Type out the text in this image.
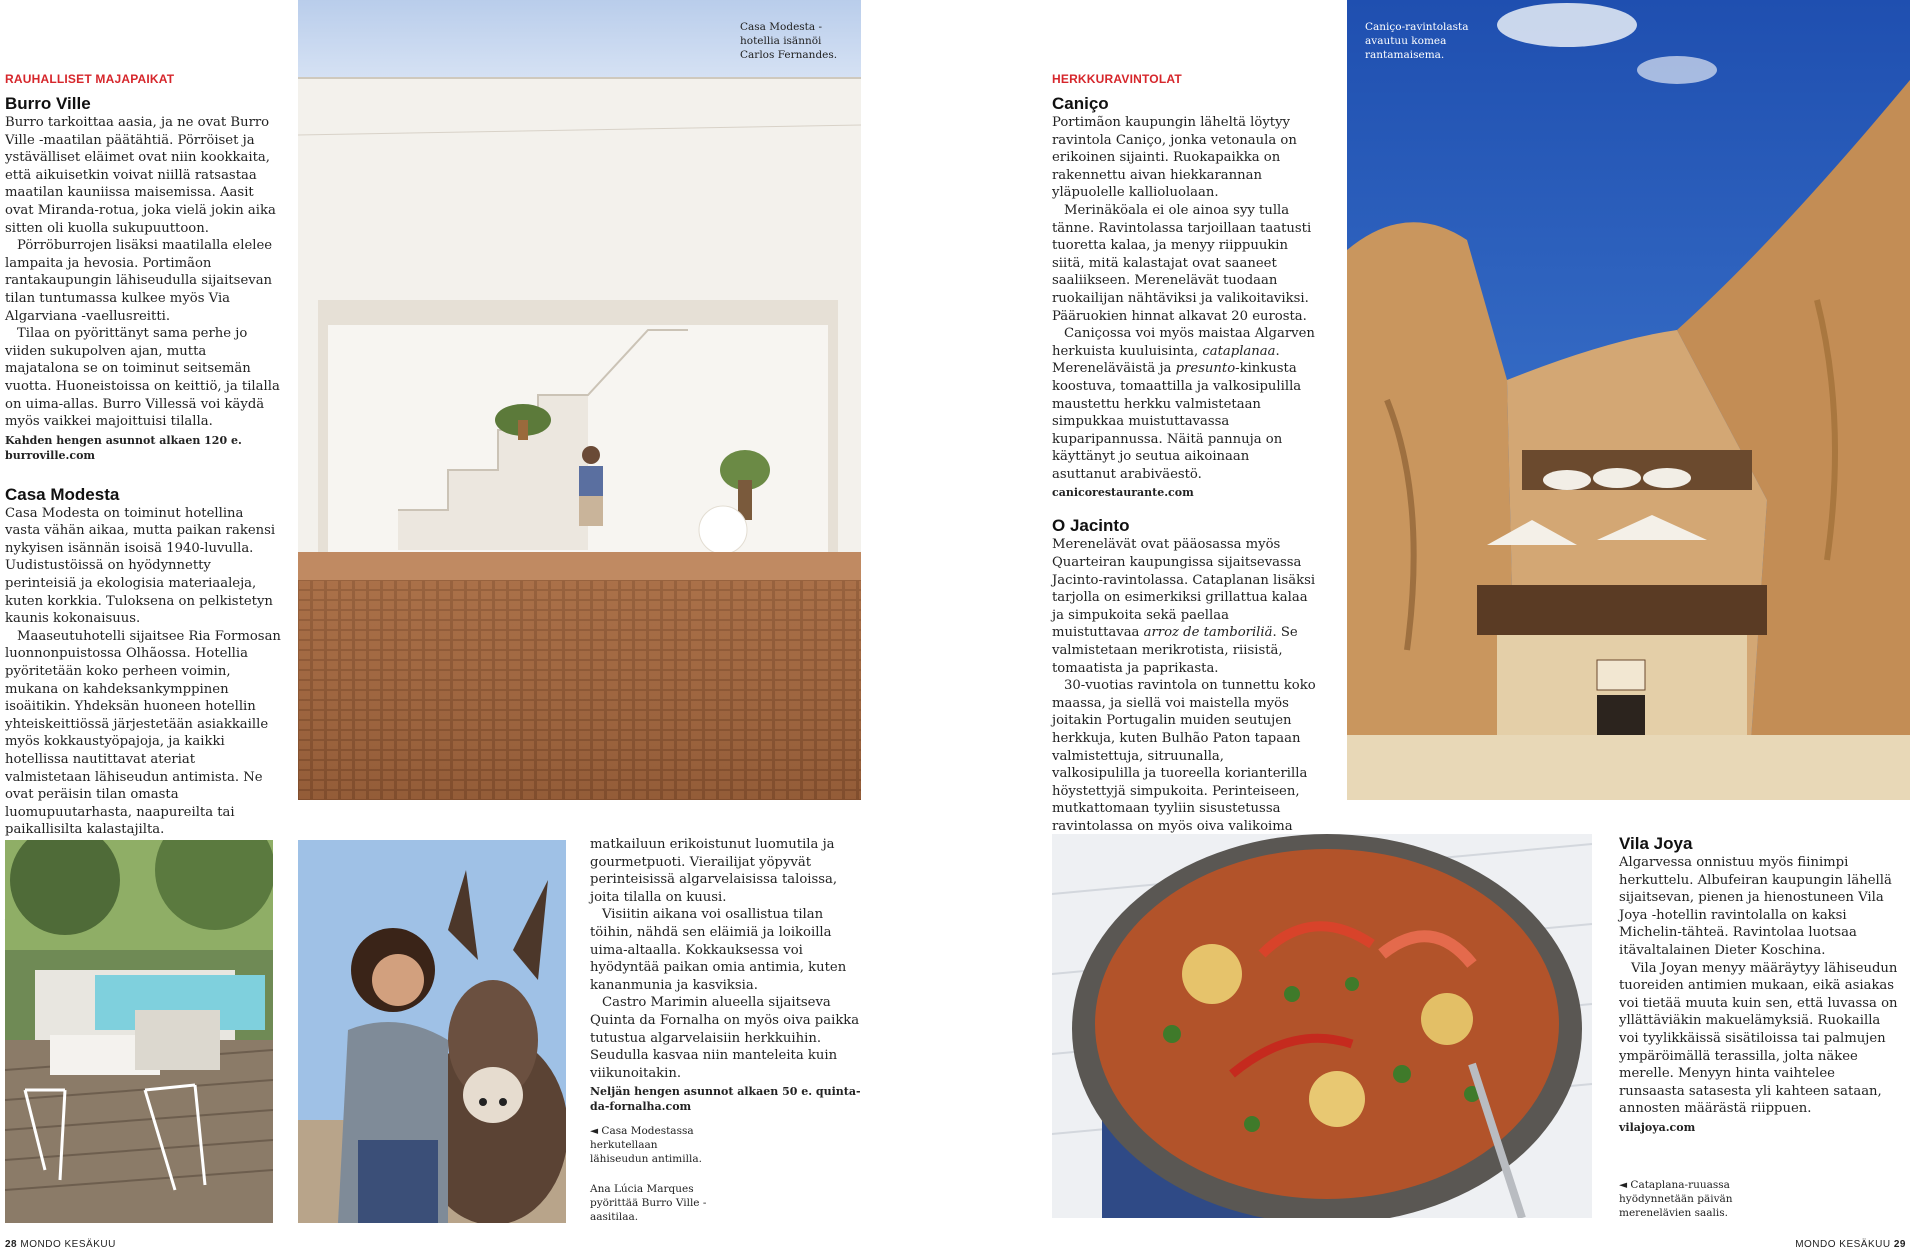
RAUHALLISET MAJAPAIKAT
Burro Ville

Burro tarkoittaa aasia, ja ne ovat Burro Ville -maatilan päätähtiä. Pörröiset ja ystävälliset eläimet ovat niin kookkaita, että aikuisetkin voivat niillä ratsastaa maatilan kauniissa maisemissa. Aasit ovat Miranda-rotua, joka vielä jokin aika sitten oli kuolla sukupuuttoon.

Pörröburrojen lisäksi maatilalla elelee lampaita ja hevosia. Portimãon rantakaupungin lähiseudulla sijaitsevan tilan tuntumassa kulkee myös Via Algarviana -vaellusreitti.

Tilaa on pyörittänyt sama perhe jo viiden sukupolven ajan, mutta majatalona se on toiminut seitsemän vuotta. Huoneistoissa on keittiö, ja tilalla on uima-allas. Burro Villessä voi käydä myös vaikkei majoittuisi tilalla.

Kahden hengen asunnot alkaen 120 e. burroville.com

Casa Modesta

Casa Modesta on toiminut hotellina vasta vähän aikaa, mutta paikan rakensi nykyisen isännän isoisä 1940-luvulla. Uudistustöissä on hyödynnetty perinteisiä ja ekologisia materiaaleja, kuten korkkia. Tuloksena on pelkistetyn kaunis kokonaisuus.

Maaseutuhotelli sijaitsee Ria Formosan luonnonpuistossa Olhãossa. Hotellia pyöritetään koko perheen voimin, mukana on kahdeksankymppinen isoäitikin. Yhdeksän huoneen hotellin yhteiskeittiössä järjestetään asiakkaille myös kokkaustyöpajoja, ja kaikki hotellissa nautittavat ateriat valmistetaan lähiseudun antimista. Ne ovat peräisin tilan omasta luomupuutarhasta, naapureilta tai paikallisilta kalastajilta.

Casa Modesta -hotellia isännöi Carlos Fernandes.

matkailuun erikoistunut luomutila ja gourmetpuoti. Vierailijat yöpyvät perinteisissä algarvelaisissa taloissa, joita tilalla on kuusi.

Visiitin aikana voi osallistua tilan töihin, nähdä sen eläimiä ja loikoilla uima-altaalla. Kokkauksessa voi hyödyntää paikan omia antimia, kuten kananmunia ja kasviksia.

Castro Marimin alueella sijaitseva Quinta da Fornalha on myös oiva paikka tutustua algarvelaisiin herkkuihin. Seudulla kasvaa niin manteleita kuin viikunoitakin.

Neljän hengen asunnot alkaen 50 e. quinta-da-fornalha.com

◄ Casa Modestassa herkutellaan lähiseudun antimilla.
Ana Lúcia Marques pyörittää Burro Ville -aasitilaa.
28 MONDO KESÄKUU
HERKKURAVINTOLAT
Caniço

Portimãon kaupungin läheltä löytyy ravintola Caniço, jonka vetonaula on erikoinen sijainti. Ruokapaikka on rakennettu aivan hiekkarannan yläpuolelle kallioluolaan.

Merinäköala ei ole ainoa syy tulla tänne. Ravintolassa tarjoillaan taatusti tuoretta kalaa, ja menyy riippuukin siitä, mitä kalastajat ovat saaneet saaliikseen. Merenelävät tuodaan ruokailijan nähtäviksi ja valikoitaviksi. Pääruokien hinnat alkavat 20 eurosta.

Caniçossa voi myös maistaa Algarven herkuista kuuluisinta, cataplanaa. Mereneläväistä ja presunto-kinkusta koostuva, tomaattilla ja valkosipulilla maustettu herkku valmistetaan simpukkaa muistuttavassa kuparipannussa. Näitä pannuja on käyttänyt jo seutua aikoinaan asuttanut arabiväestö.

canicorestaurante.com

O Jacinto

Merenelävät ovat pääosassa myös Quarteiran kaupungissa sijaitsevassa Jacinto-ravintolassa. Cataplanan lisäksi tarjolla on esimerkiksi grillattua kalaa ja simpukoita sekä paellaa muistuttavaa arroz de tamboriliä. Se valmistetaan merikrotista, riisistä, tomaatista ja paprikasta.

30-vuotias ravintola on tunnettu koko maassa, ja siellä voi maistella myös joitakin Portugalin muiden seutujen herkkuja, kuten Bulhão Paton tapaan valmistettuja, sitruunalla, valkosipulilla ja tuoreella korianterilla höystettyjä simpukoita. Perinteiseen, mutkattomaan tyyliin sisustetussa ravintolassa on myös oiva valikoima

Caniço-ravintolasta avautuu komea rantamaisema.
Vila Joya

Algarvessa onnistuu myös fiinimpi herkuttelu. Albufeiran kaupungin lähellä sijaitsevan, pienen ja hienostuneen Vila Joya -hotellin ravintolalla on kaksi Michelin-tähteä. Ravintolaa luotsaa itävaltalainen Dieter Koschina.

Vila Joyan menyy määräytyy lähiseudun tuoreiden antimien mukaan, eikä asiakas voi tietää muuta kuin sen, että luvassa on yllättäviäkin makuelämyksiä. Ruokailla voi tyylikkäissä sisätiloissa tai palmujen ympäröimällä terassilla, jolta näkee merelle. Menyyn hinta vaihtelee runsaasta satasesta yli kahteen sataan, annosten määrästä riippuen.

vilajoya.com

◄ Cataplana-ruuassa hyödynnetään päivän merenelävien saalis.
MONDO KESÄKUU 29
